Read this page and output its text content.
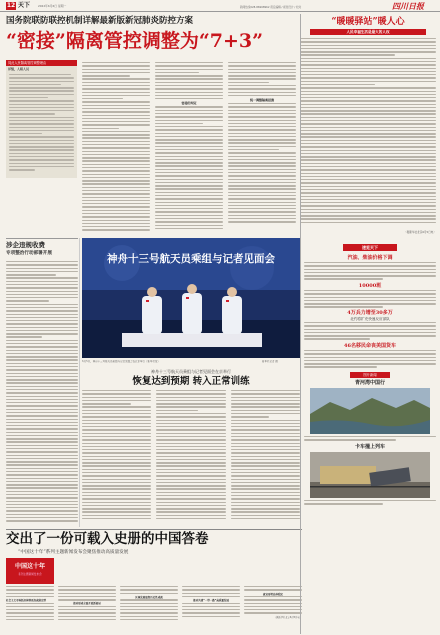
12 天下	2022年6月6日 星期一	新闻热线028-86968962 责任编辑 / 视觉设计 / 校对	四川日报
国务院联防联控机制详解最新版新冠肺炎防控方案
“密接”隔离管控调整为“7+3”
同此人民隔离管控调整理由
详情，人相人员
密接的判定
统一调整隔离措施
“暖暖驿站”暖人心
人民幸福生活是最大的人权
（据新华社北京6月5日电）
涉企违规收费
专项整治行动部署开展	神舟十三号航天员乘组与记者见面会
6月5日，神舟十三号航天员乘组与记者见面会在北京举行（新华社发）	新华社记者 摄
神舟十三号航天员乘组与记者见面会在京举行
恢复达到预期 转入正常训练
速览天下
汽油、柴油价格下调
10000班
4万兵力增至30多万
北约将扩充快速反应部队
46名移民命丧美国货车
图片新闻
青河湾中国行
卡车撞上列车
交出了一份可载入史册的中国答卷
“中国这十年”系列主题新闻发布会聚焦推动高质量发展
中国这十年
系列主题新闻发布会
社会主义市场经济体制更加成熟定型
推动形成全面开放新格局
区域发展取得历史性成就
推动共建“一带一路”高质量发展
就业形势总体稳定
（据新华社北京6月5日电）
